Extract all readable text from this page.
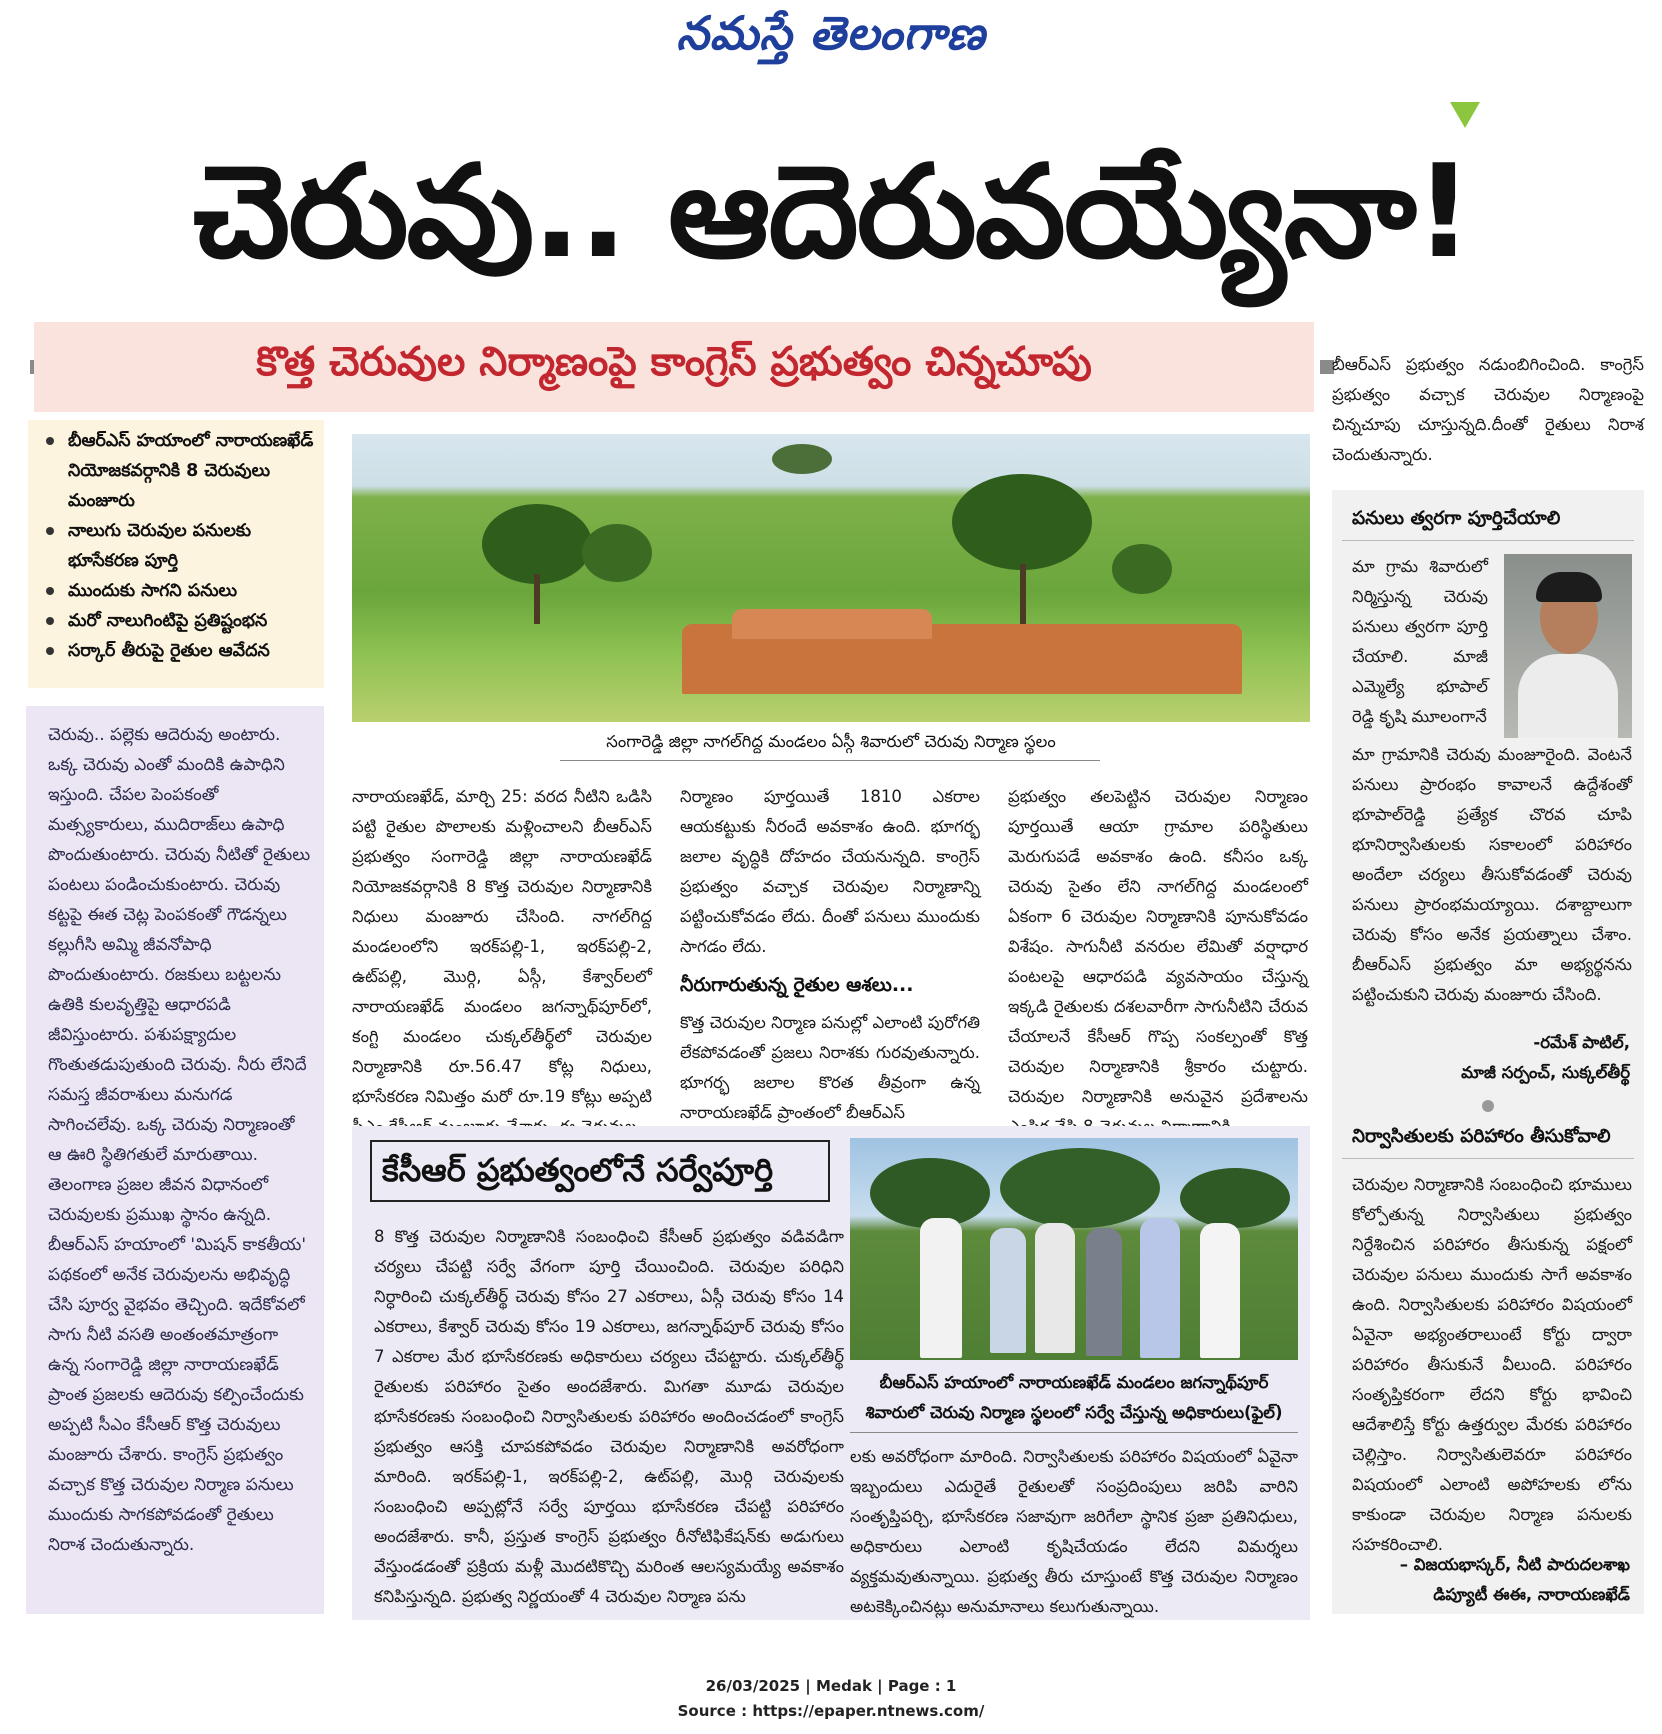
నమస్తే తెలంగాణ
చెరువు.. ఆదెరువయ్యేనా!
కొత్త చెరువుల నిర్మాణంపై కాంగ్రెస్ ప్రభుత్వం చిన్నచూపు
బీఆర్ఎస్ హయాంలో నారాయణఖేడ్ నియోజకవర్గానికి 8 చెరువులు మంజూరు
నాలుగు చెరువుల పనులకు భూసేకరణ పూర్తి
ముందుకు సాగని పనులు
మరో నాలుగింటిపై ప్రతిష్టంభన
సర్కార్ తీరుపై రైతుల ఆవేదన
చెరువు.. పల్లెకు ఆదెరువు అంటారు. ఒక్క చెరువు ఎంతో మందికి ఉపాధిని ఇస్తుంది. చేపల పెంపకంతో మత్స్యకారులు, ముదిరాజ్‌లు ఉపాధి పొందుతుంటారు. చెరువు నీటితో రైతులు పంటలు పండించుకుంటారు. చెరువు కట్టపై ఈత చెట్ల పెంపకంతో గౌడన్నలు కల్లుగీసి అమ్మి జీవనోపాధి పొందుతుంటారు. రజకులు బట్టలను ఉతికి కులవృత్తిపై ఆధారపడి జీవిస్తుంటారు. పశుపక్ష్యాదుల గొంతుతడుపుతుంది చెరువు. నీరు లేనిదే సమస్త జీవరాశులు మనుగడ సాగించలేవు. ఒక్క చెరువు నిర్మాణంతో ఆ ఊరి స్థితిగతులే మారుతాయి. తెలంగాణ ప్రజల జీవన విధానంలో చెరువులకు ప్రముఖ స్థానం ఉన్నది. బీఆర్ఎస్ హయాంలో 'మిషన్ కాకతీయ' పథకంలో అనేక చెరువులను అభివృద్ధి చేసి పూర్వ వైభవం తెచ్చింది. ఇదేకోవలో సాగు నీటి వసతి అంతంతమాత్రంగా ఉన్న సంగారెడ్డి జిల్లా నారాయణఖేడ్ ప్రాంత ప్రజలకు ఆదెరువు కల్పించేందుకు అప్పటి సీఎం కేసీఆర్ కొత్త చెరువులు మంజూరు చేశారు. కాంగ్రెస్ ప్రభుత్వం వచ్చాక కొత్త చెరువుల నిర్మాణ పనులు ముందుకు సాగకపోవడంతో రైతులు నిరాశ చెందుతున్నారు.
సంగారెడ్డి జిల్లా నాగల్‌గిద్ద మండలం ఏస్గీ శివారులో చెరువు నిర్మాణ స్థలం
నారాయణఖేడ్, మార్చి 25: వరద నీటిని ఒడిసి పట్టి రైతుల పొలాలకు మళ్లించాలని బీఆర్ఎస్ ప్రభుత్వం సంగారెడ్డి జిల్లా నారాయణఖేడ్ నియోజకవర్గానికి 8 కొత్త చెరువుల నిర్మాణానికి నిధులు మంజూరు చేసింది. నాగల్‌గిద్ద మండలంలోని ఇరక్‌పల్లి-1, ఇరక్‌పల్లి-2, ఉట్‌పల్లి, మొర్గి, ఏస్గీ, కేశ్వార్‌లలో నారాయణఖేడ్ మండలం జగన్నాథ్‌పూర్‌లో, కంగ్టి మండలం చుక్కల్‌తీర్థ్‌లో చెరువుల నిర్మాణానికి రూ.56.47 కోట్ల నిధులు, భూసేకరణ నిమిత్తం మరో రూ.19 కోట్లు అప్పటి
నిర్మాణం పూర్తయితే 1810 ఎకరాల ఆయకట్టుకు నీరందే అవకాశం ఉంది. భూగర్భ జలాల వృద్ధికి దోహదం చేయనున్నది. కాంగ్రెస్ ప్రభుత్వం వచ్చాక చెరువుల నిర్మాణాన్ని పట్టించుకోవడం లేదు. దీంతో పనులు ముందుకు సాగడం లేదు.
నీరుగారుతున్న రైతుల ఆశలు...
కొత్త చెరువుల నిర్మాణ పనుల్లో ఎలాంటి పురోగతి లేకపోవడంతో ప్రజలు నిరాశకు గురవుతున్నారు. భూగర్భ జలాల కొరత తీవ్రంగా ఉన్న నారాయణఖేడ్ ప్రాంతంలో బీఆర్ఎస్
ప్రభుత్వం తలపెట్టిన చెరువుల నిర్మాణం పూర్తయితే ఆయా గ్రామాల పరిస్థితులు మెరుగుపడే అవకాశం ఉంది. కనీసం ఒక్క చెరువు సైతం లేని నాగల్‌గిద్ద మండలంలో ఏకంగా 6 చెరువుల నిర్మాణానికి పూనుకోవడం విశేషం. సాగునీటి వనరుల లేమితో వర్షాధార పంటలపై ఆధారపడి వ్యవసాయం చేస్తున్న ఇక్కడి రైతులకు దశలవారీగా సాగునీటిని చేరువ చేయాలనే కేసీఆర్ గొప్ప సంకల్పంతో కొత్త చెరువుల నిర్మాణానికి శ్రీకారం చుట్టారు. చెరువుల నిర్మాణానికి అనువైన ప్రదేశాలను
కేసీఆర్ ప్రభుత్వంలోనే సర్వేపూర్తి
8 కొత్త చెరువుల నిర్మాణానికి సంబంధించి కేసీఆర్ ప్రభుత్వం వడివడిగా చర్యలు చేపట్టి సర్వే వేగంగా పూర్తి చేయించింది. చెరువుల పరిధిని నిర్ధారించి చుక్కల్‌తీర్థ్ చెరువు కోసం 27 ఎకరాలు, ఏస్గీ చెరువు కోసం 14 ఎకరాలు, కేశ్వార్ చెరువు కోసం 19 ఎకరాలు, జగన్నాథ్‌పూర్ చెరువు కోసం 7 ఎకరాల మేర భూసేకరణకు అధికారులు చర్యలు చేపట్టారు. చుక్కల్‌తీర్థ్ రైతులకు పరిహారం సైతం అందజేశారు. మిగతా మూడు చెరువుల భూసేకరణకు సంబంధించి నిర్వాసితులకు పరిహారం అందించడంలో కాంగ్రెస్ ప్రభుత్వం ఆసక్తి చూపకపోవడం చెరువుల నిర్మాణానికి అవరోధంగా మారింది. ఇరక్‌పల్లి-1, ఇరక్‌పల్లి-2, ఉట్‌పల్లి, మొర్గి చెరువులకు సంబంధించి అప్పట్లోనే సర్వే పూర్తయి భూసేకరణ చేపట్టి పరిహారం అందజేశారు. కానీ, ప్రస్తుత కాంగ్రెస్ ప్రభుత్వం రీనోటిఫికేషన్‌కు అడుగులు వేస్తుండడంతో ప్రక్రియ మళ్లీ మొదటికొచ్చి మరింత ఆలస్యమయ్యే అవకాశం కనిపిస్తున్నది. ప్రభుత్వ నిర్ణయంతో 4 చెరువుల నిర్మాణ పను
బీఆర్ఎస్ హయాంలో నారాయణఖేడ్ మండలం జగన్నాథ్‌పూర్ శివారులో చెరువు నిర్మాణ స్థలంలో సర్వే చేస్తున్న అధికారులు(ఫైల్)
లకు అవరోధంగా మారింది. నిర్వాసితులకు పరిహారం విషయంలో ఏవైనా ఇబ్బందులు ఎదురైతే రైతులతో సంప్రదింపులు జరిపి వారిని సంతృప్తిపర్చి, భూసేకరణ సజావుగా జరిగేలా స్థానిక ప్రజా ప్రతినిధులు, అధికారులు ఎలాంటి కృషిచేయడం లేదని విమర్శలు వ్యక్తమవుతున్నాయి. ప్రభుత్వ తీరు చూస్తుంటే కొత్త చెరువుల నిర్మాణం అటకెక్కించినట్లు అనుమానాలు కలుగుతున్నాయి.
బీఆర్ఎస్ ప్రభుత్వం నడుంబిగించింది. కాంగ్రెస్ ప్రభుత్వం వచ్చాక చెరువుల నిర్మాణంపై చిన్నచూపు చూస్తున్నది.దీంతో రైతులు నిరాశ చెందుతున్నారు.
పనులు త్వరగా పూర్తిచేయాలి
మా గ్రామ శివారులో నిర్మిస్తున్న చెరువు పనులు త్వరగా పూర్తి చేయాలి. మాజీ ఎమ్మెల్యే భూపాల్ రెడ్డి కృషి మూలంగానే
మా గ్రామానికి చెరువు మంజూరైంది. వెంటనే పనులు ప్రారంభం కావాలనే ఉద్దేశంతో భూపాల్‌రెడ్డి ప్రత్యేక చొరవ చూపి భూనిర్వాసితులకు సకాలంలో పరిహారం అందేలా చర్యలు తీసుకోవడంతో చెరువు పనులు ప్రారంభమయ్యాయి. దశాబ్దాలుగా చెరువు కోసం అనేక ప్రయత్నాలు చేశాం. బీఆర్ఎస్ ప్రభుత్వం మా అభ్యర్థనను పట్టించుకుని చెరువు మంజూరు చేసింది.
-రమేశ్ పాటిల్,
మాజీ సర్పంచ్, సుక్కల్‌తీర్థ్
నిర్వాసితులకు పరిహారం తీసుకోవాలి
చెరువుల నిర్మాణానికి సంబంధించి భూములు కోల్పోతున్న నిర్వాసితులు ప్రభుత్వం నిర్దేశించిన పరిహారం తీసుకున్న పక్షంలో చెరువుల పనులు ముందుకు సాగే అవకాశం ఉంది. నిర్వాసితులకు పరిహారం విషయంలో ఏవైనా అభ్యంతరాలుంటే కోర్టు ద్వారా పరిహారం తీసుకునే వీలుంది. పరిహారం సంతృప్తికరంగా లేదని కోర్టు భావించి ఆదేశాలిస్తే కోర్టు ఉత్తర్వుల మేరకు పరిహారం చెల్లిస్తాం. నిర్వాసితులెవరూ పరిహారం విషయంలో ఎలాంటి అపోహలకు లోను కాకుండా చెరువుల నిర్మాణ పనులకు సహకరించాలి.
– విజయభాస్కర్, నీటి పారుదలశాఖ
డిప్యూటీ ఈఈ, నారాయణఖేడ్
26/03/2025 | Medak | Page : 1
Source : https://epaper.ntnews.com/
